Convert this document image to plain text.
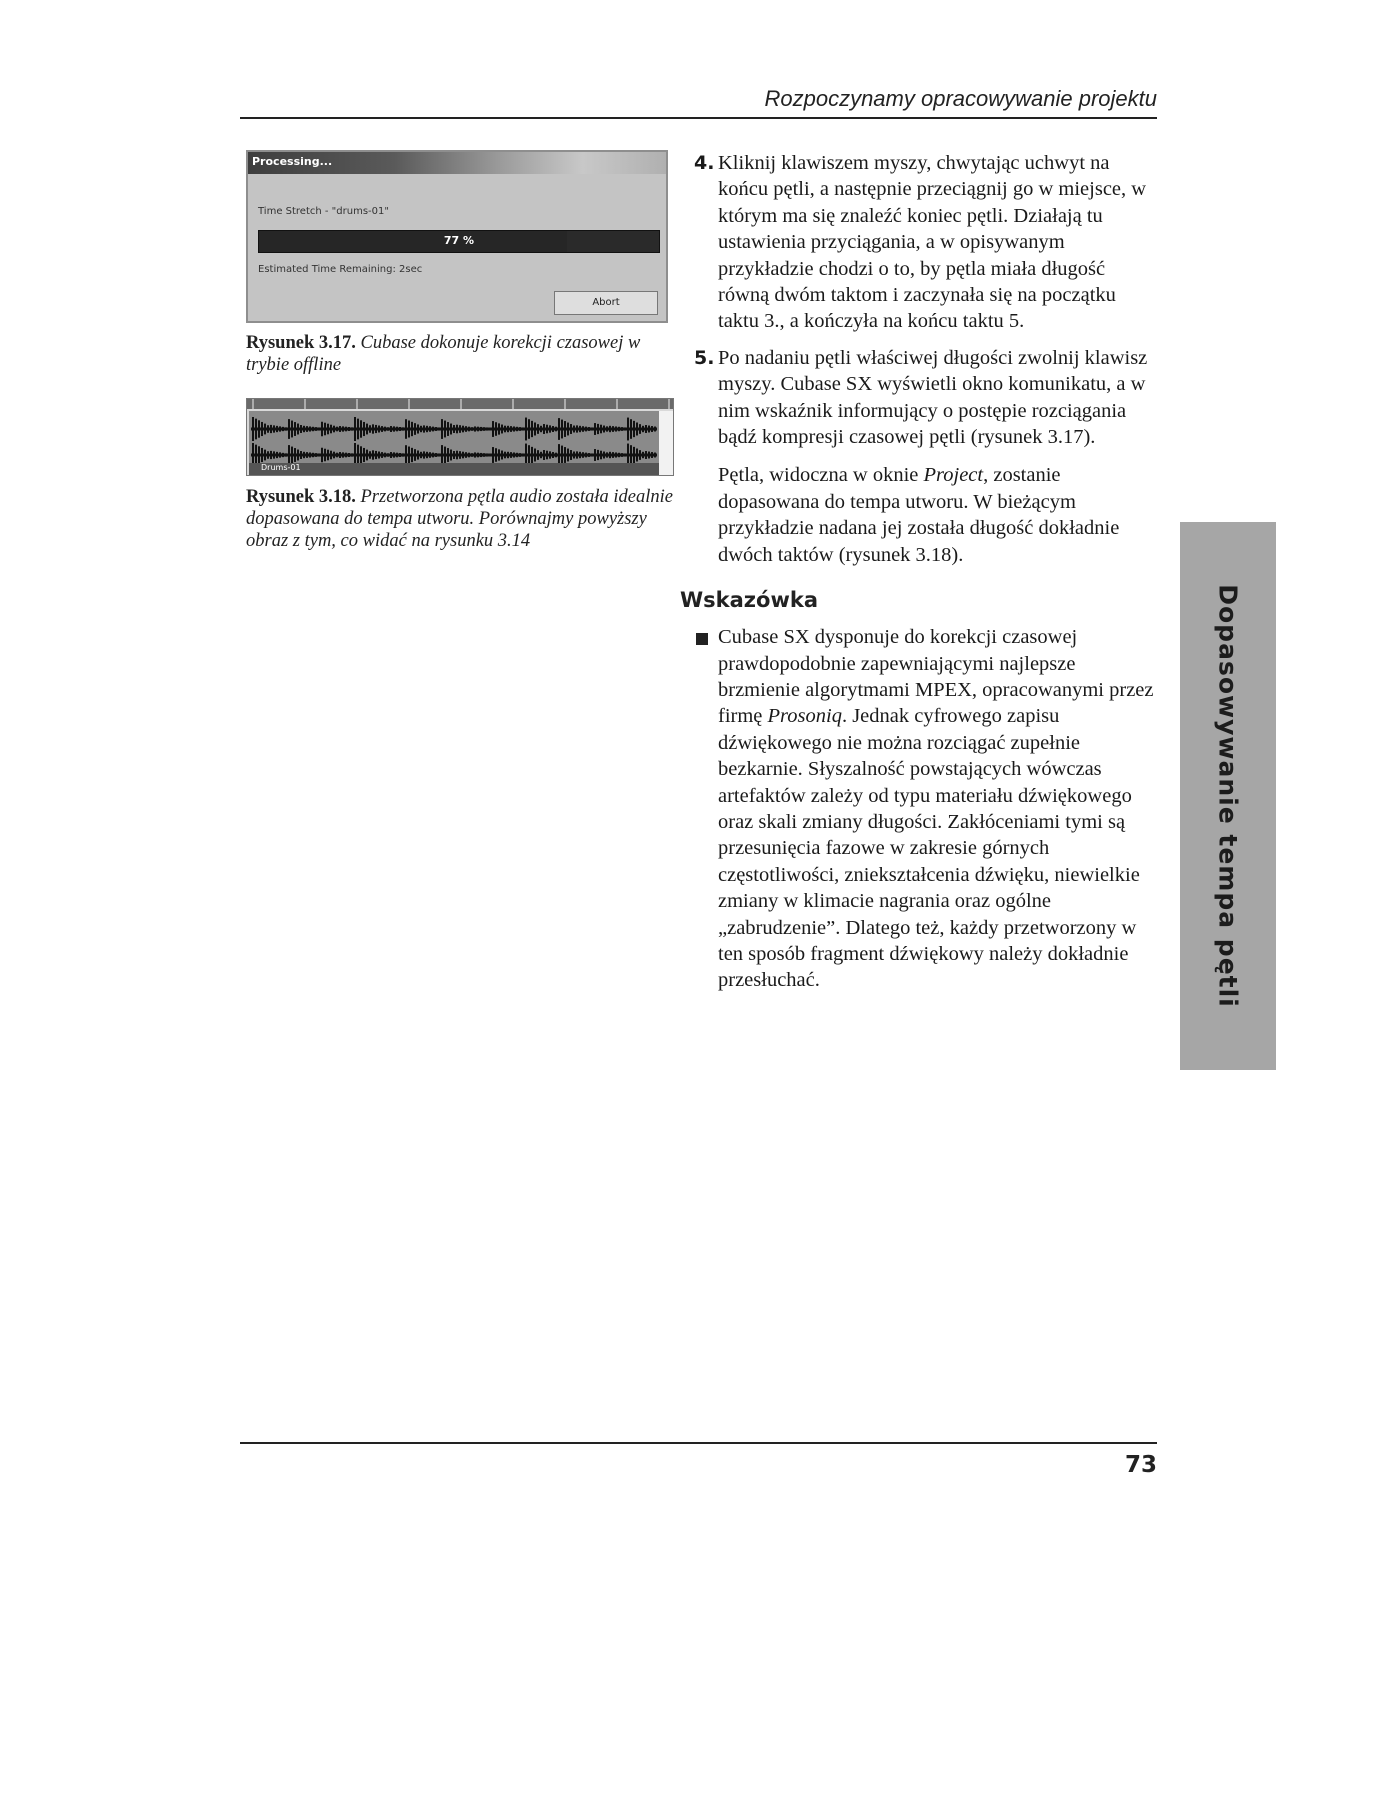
Rozpoczynamy opracowywanie projektu
Processing...
Time Stretch - "drums-01"
77 %
Estimated Time Remaining: 2sec
Abort
Rysunek 3.17. Cubase dokonuje korekcji czasowej w trybie offline
Drums-01
Rysunek 3.18. Przetworzona pętla audio została idealnie dopasowana do tempa utworu. Porównajmy powyższy obraz z tym, co widać na rysunku 3.14
4. Kliknij klawiszem myszy, chwytając uchwyt na końcu pętli, a następnie przeciągnij go w miejsce, w którym ma się znaleźć koniec pętli. Działają tu ustawienia przyciągania, a w opisywanym przykładzie chodzi o to, by pętla miała długość równą dwóm taktom i zaczynała się na początku taktu 3., a kończyła na końcu taktu 5.
5. Po nadaniu pętli właściwej długości zwolnij klawisz myszy. Cubase SX wyświetli okno komunikatu, a w nim wskaźnik informujący o postępie rozciągania bądź kompresji czasowej pętli (rysunek 3.17).
Pętla, widoczna w oknie Project, zostanie dopasowana do tempa utworu. W bieżącym przykładzie nadana jej została długość dokładnie dwóch taktów (rysunek 3.18).
Wskazówka
Cubase SX dysponuje do korekcji czasowej prawdopodobnie zapewniającymi najlepsze brzmienie algorytmami MPEX, opracowanymi przez firmę Prosoniq. Jednak cyfrowego zapisu dźwiękowego nie można rozciągać zupełnie bezkarnie. Słyszalność powstających wówczas artefaktów zależy od typu materiału dźwiękowego oraz skali zmiany długości. Zakłóceniami tymi są przesunięcia fazowe w zakresie górnych częstotliwości, zniekształcenia dźwięku, niewielkie zmiany w klimacie nagrania oraz ogólne „zabrudzenie”. Dlatego też, każdy przetworzony w ten sposób fragment dźwiękowy należy dokładnie przesłuchać.	Dopasowywanie tempa pętli
73
